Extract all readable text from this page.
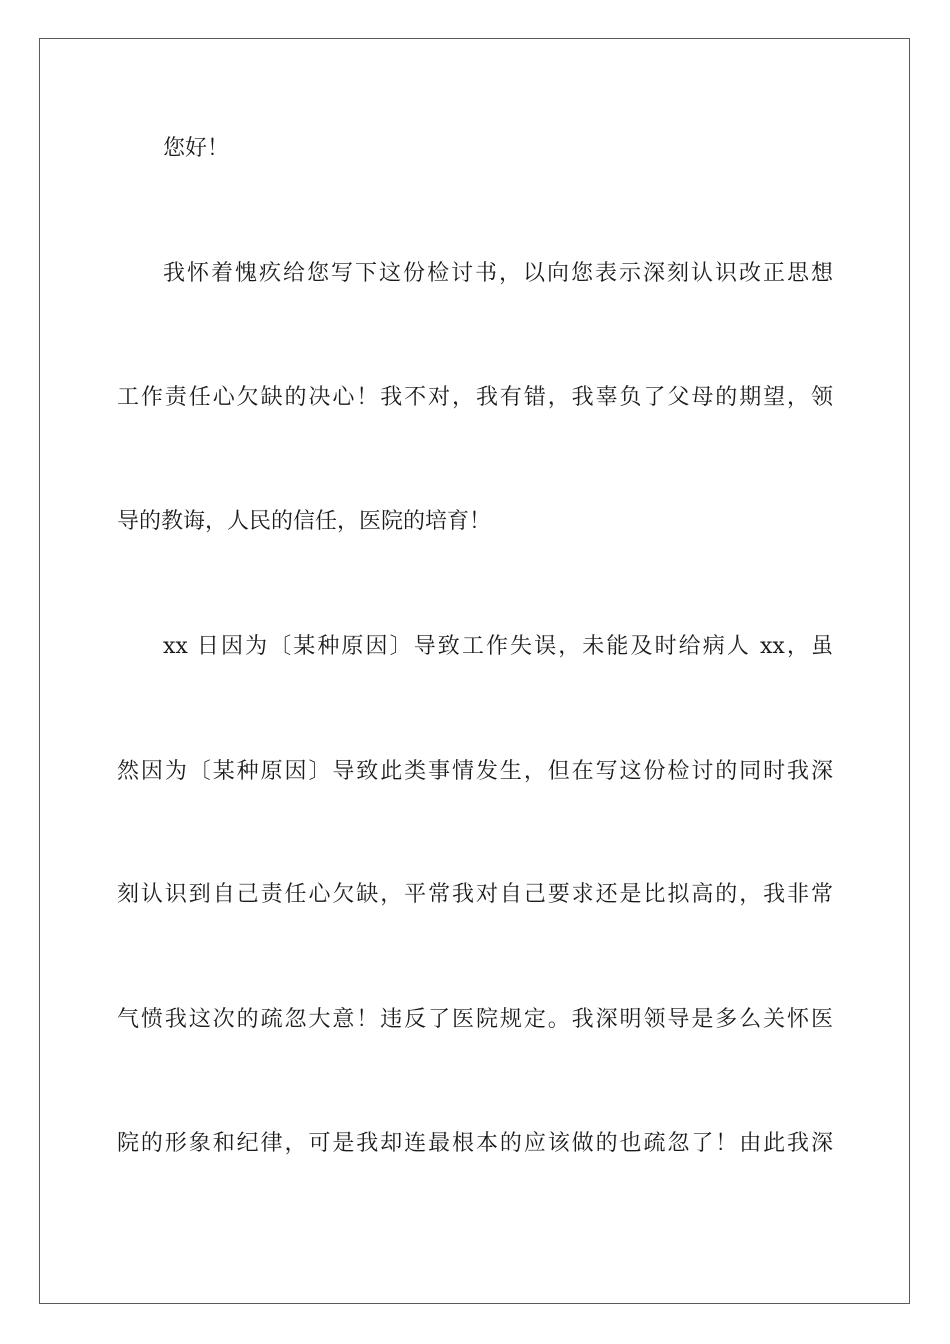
您好！
我怀着愧疚给您写下这份检讨书，以向您表示深刻认识改正思想
工作责任心欠缺的决心！我不对，我有错，我辜负了父母的期望，领
导的教诲，人民的信任，医院的培育！
xx 日因为〔某种原因〕导致工作失误，未能及时给病人 xx，虽
然因为〔某种原因〕导致此类事情发生，但在写这份检讨的同时我深
刻认识到自己责任心欠缺，平常我对自己要求还是比拟高的，我非常
气愤我这次的疏忽大意！违反了医院规定。我深明领导是多么关怀医
院的形象和纪律，可是我却连最根本的应该做的也疏忽了！由此我深
